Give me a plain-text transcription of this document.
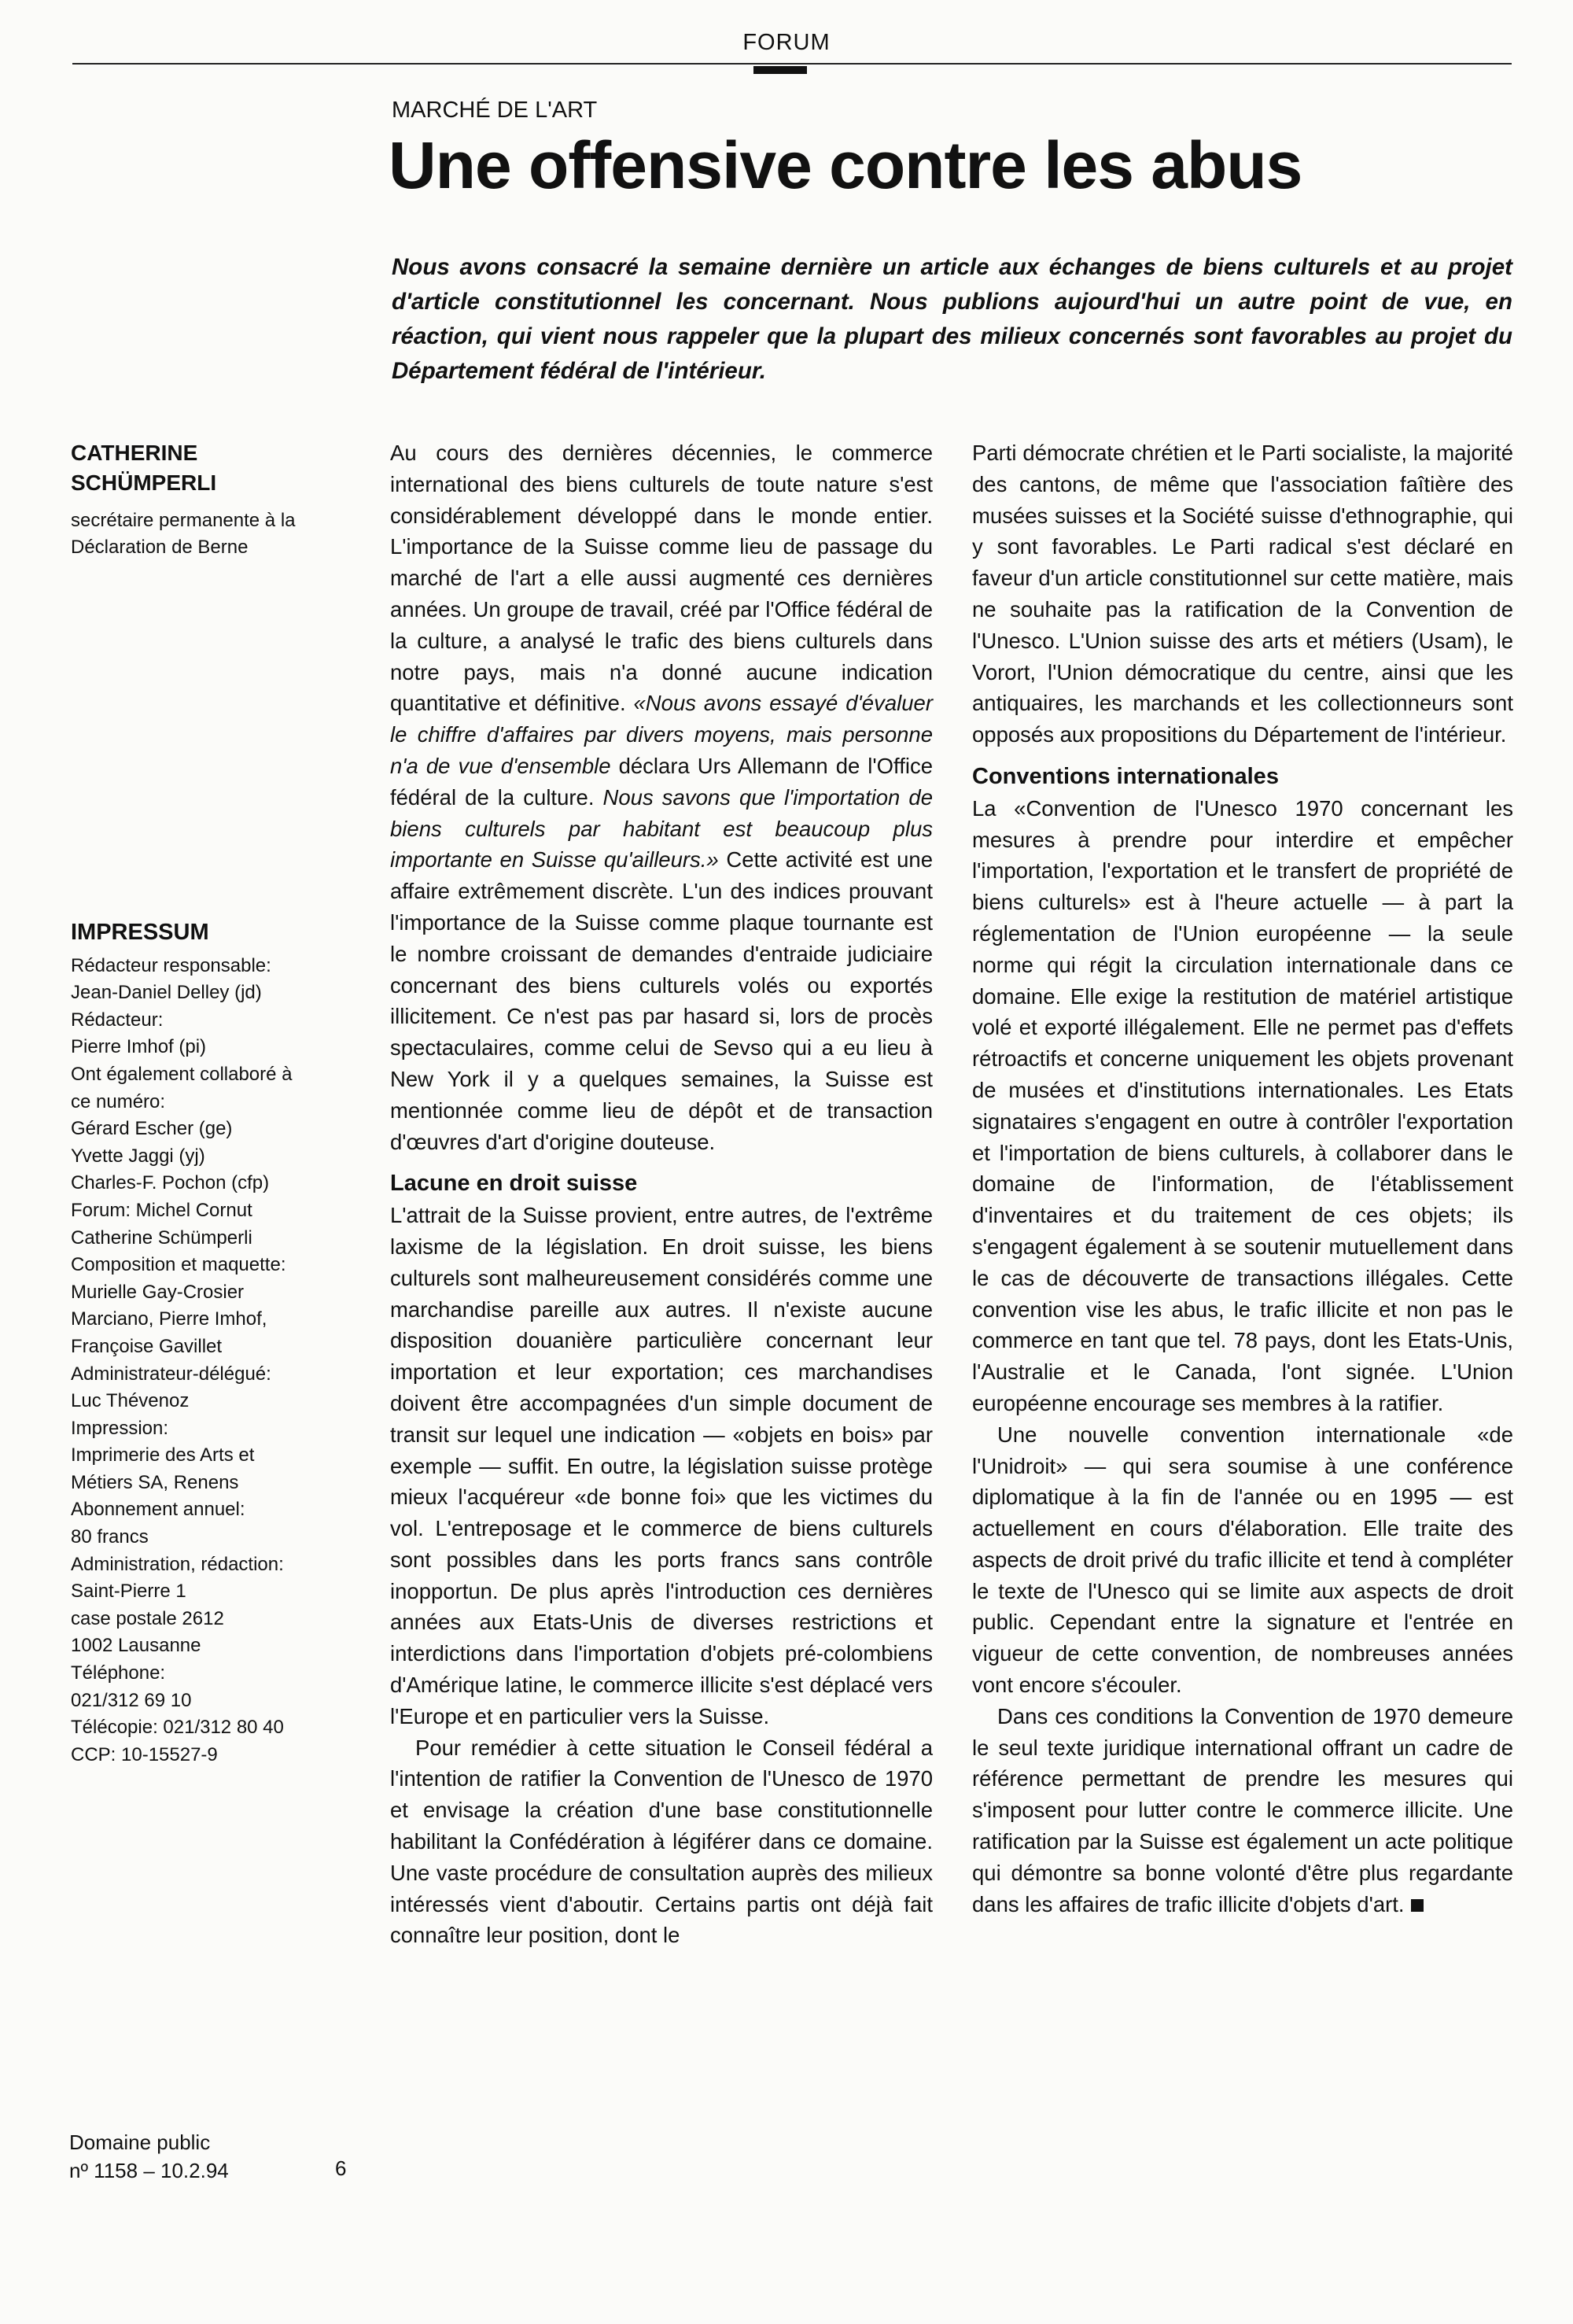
FORUM
MARCHÉ DE L'ART
Une offensive contre les abus
Nous avons consacré la semaine dernière un article aux échanges de biens culturels et au projet d'article constitutionnel les concernant. Nous publions aujourd'hui un autre point de vue, en réaction, qui vient nous rappeler que la plupart des milieux concernés sont favorables au projet du Département fédéral de l'intérieur.
CATHERINE
SCHÜMPERLI
secrétaire permanente à la Déclaration de Berne
IMPRESSUM
Rédacteur responsable:
Jean-Daniel Delley (jd)
Rédacteur:
Pierre Imhof (pi)
Ont également collaboré à
ce numéro:
Gérard Escher (ge)
Yvette Jaggi (yj)
Charles-F. Pochon (cfp)
Forum: Michel Cornut
Catherine Schümperli
Composition et maquette:
Murielle Gay-Crosier
Marciano, Pierre Imhof,
Françoise Gavillet
Administrateur-délégué:
Luc Thévenoz
Impression:
Imprimerie des Arts et
Métiers SA, Renens
Abonnement annuel:
80 francs
Administration, rédaction:
Saint-Pierre 1
case postale 2612
1002 Lausanne
Téléphone:
021/312 69 10
Télécopie: 021/312 80 40
CCP: 10-15527-9
Domaine public
nº 1158 – 10.2.94	6

Au cours des dernières décennies, le commerce international des biens culturels de toute nature s'est considérablement développé dans le monde entier. L'importance de la Suisse comme lieu de passage du marché de l'art a elle aussi augmenté ces dernières années. Un groupe de travail, créé par l'Office fédéral de la culture, a analysé le trafic des biens culturels dans notre pays, mais n'a donné aucune indication quantitative et définitive. «Nous avons essayé d'évaluer le chiffre d'affaires par divers moyens, mais personne n'a de vue d'ensemble déclara Urs Allemann de l'Office fédéral de la culture. Nous savons que l'importation de biens culturels par habitant est beaucoup plus importante en Suisse qu'ailleurs.» Cette activité est une affaire extrêmement discrète. L'un des indices prouvant l'importance de la Suisse comme plaque tournante est le nombre croissant de demandes d'entraide judiciaire concernant des biens culturels volés ou exportés illicitement. Ce n'est pas par hasard si, lors de procès spectaculaires, comme celui de Sevso qui a eu lieu à New York il y a quelques semaines, la Suisse est mentionnée comme lieu de dépôt et de transaction d'œuvres d'art d'origine douteuse.

Lacune en droit suisse

L'attrait de la Suisse provient, entre autres, de l'extrême laxisme de la législation. En droit suisse, les biens culturels sont malheureusement considérés comme une marchandise pareille aux autres. Il n'existe aucune disposition douanière particulière concernant leur importation et leur exportation; ces marchandises doivent être accompagnées d'un simple document de transit sur lequel une indication — «objets en bois» par exemple — suffit. En outre, la législation suisse protège mieux l'acquéreur «de bonne foi» que les victimes du vol. L'entreposage et le commerce de biens culturels sont possibles dans les ports francs sans contrôle inopportun. De plus après l'introduction ces dernières années aux Etats-Unis de diverses restrictions et interdictions dans l'importation d'objets pré-colombiens d'Amérique latine, le commerce illicite s'est déplacé vers l'Europe et en particulier vers la Suisse.

Pour remédier à cette situation le Conseil fédéral a l'intention de ratifier la Convention de l'Unesco de 1970 et envisage la création d'une base constitutionnelle habilitant la Confédération à légiférer dans ce domaine. Une vaste procédure de consultation auprès des milieux intéressés vient d'aboutir. Certains partis ont déjà fait connaître leur position, dont le

Parti démocrate chrétien et le Parti socialiste, la majorité des cantons, de même que l'association faîtière des musées suisses et la Société suisse d'ethnographie, qui y sont favorables. Le Parti radical s'est déclaré en faveur d'un article constitutionnel sur cette matière, mais ne souhaite pas la ratification de la Convention de l'Unesco. L'Union suisse des arts et métiers (Usam), le Vorort, l'Union démocratique du centre, ainsi que les antiquaires, les marchands et les collectionneurs sont opposés aux propositions du Département de l'intérieur.

Conventions internationales

La «Convention de l'Unesco 1970 concernant les mesures à prendre pour interdire et empêcher l'importation, l'exportation et le transfert de propriété de biens culturels» est à l'heure actuelle — à part la réglementation de l'Union européenne — la seule norme qui régit la circulation internationale dans ce domaine. Elle exige la restitution de matériel artistique volé et exporté illégalement. Elle ne permet pas d'effets rétroactifs et concerne uniquement les objets provenant de musées et d'institutions internationales. Les Etats signataires s'engagent en outre à contrôler l'exportation et l'importation de biens culturels, à collaborer dans le domaine de l'information, de l'établissement d'inventaires et du traitement de ces objets; ils s'engagent également à se soutenir mutuellement dans le cas de découverte de transactions illégales. Cette convention vise les abus, le trafic illicite et non pas le commerce en tant que tel. 78 pays, dont les Etats-Unis, l'Australie et le Canada, l'ont signée. L'Union européenne encourage ses membres à la ratifier.

Une nouvelle convention internationale «de l'Unidroit» — qui sera soumise à une conférence diplomatique à la fin de l'année ou en 1995 — est actuellement en cours d'élaboration. Elle traite des aspects de droit privé du trafic illicite et tend à compléter le texte de l'Unesco qui se limite aux aspects de droit public. Cependant entre la signature et l'entrée en vigueur de cette convention, de nombreuses années vont encore s'écouler.

Dans ces conditions la Convention de 1970 demeure le seul texte juridique international offrant un cadre de référence permettant de prendre les mesures qui s'imposent pour lutter contre le commerce illicite. Une ratification par la Suisse est également un acte politique qui démontre sa bonne volonté d'être plus regardante dans les affaires de trafic illicite d'objets d'art.
